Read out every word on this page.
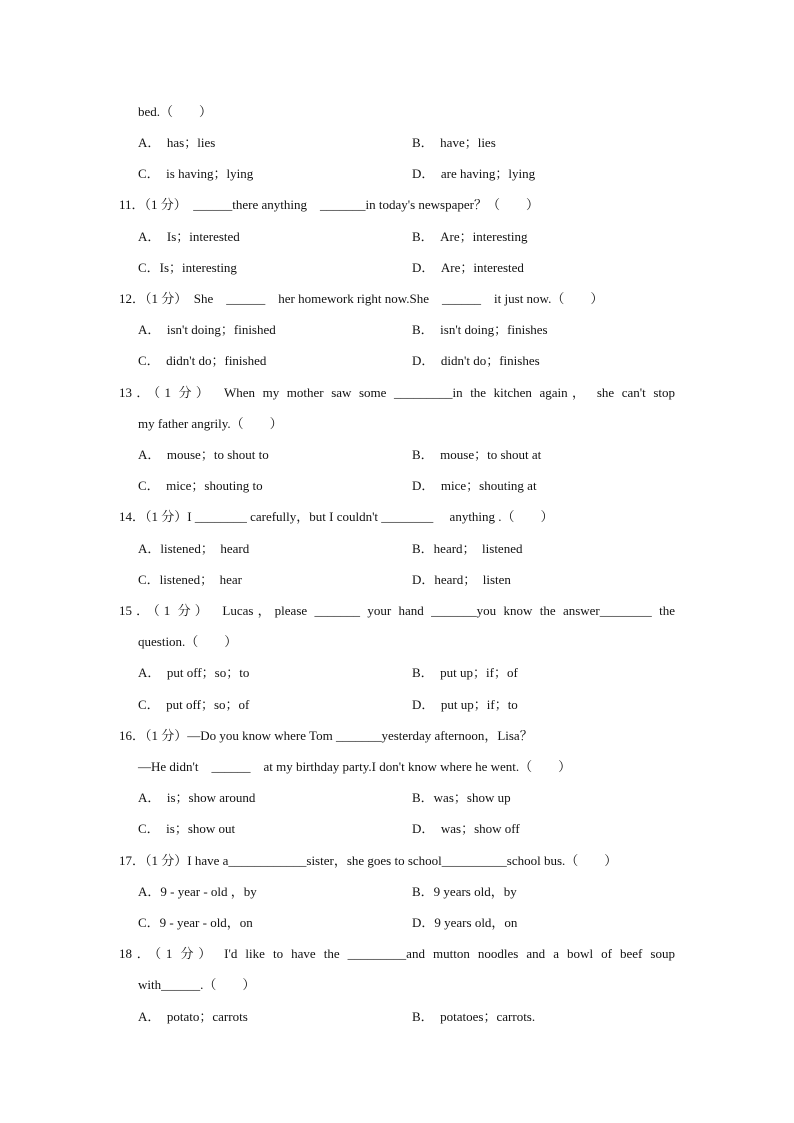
bed.（　　）
A．　has；lies	B．　have；lies
C．　is having；lying	D．　are having；lying
11．（1 分）　______there anything　_______in today's newspaper？（　　）
A．　Is；interested	B．　Are；interesting
C．Is；interesting	D．　Are；interested
12．（1 分）　She　______　her homework right now.She　______　it just now.（　　）
A．　isn't doing；finished	B．　isn't doing；finishes
C．　didn't do；finished	D．　didn't do；finishes
13．（1 分）　When my mother saw some _________in the kitchen again， she can't stop
my father angrily.（　　）
A．　mouse；to shout to	B．　mouse；to shout at
C．　mice；shouting to	D．　mice；shouting at
14．（1 分）I ________ carefully，but I couldn't ________　 anything .（　　）
A．listened；　heard	B．heard；　listened
C．listened；　hear	D．heard；　listen
15．（1 分）　Lucas，please _______ your hand _______you know the answer________ the
question.（　　）
A．　put off；so；to	B．　put up；if；of
C．　put off；so；of	D．　put up；if；to
16．（1 分）—Do you know where Tom _______yesterday afternoon，Lisa？
—He didn't　______　at my birthday party.I don't know where he went.（　　）
A．　is；show around	B．was；show up
C．　is；show out	D．　was；show off
17．（1 分）I have a____________sister，she goes to school__________school bus.（　　）
A．9 - year - old ，by	B．9 years old，by
C．9 - year - old，on	D．9 years old，on
18．（1 分） I'd like to have the _________and mutton noodles and a bowl of beef soup
with______.（　　）
A．　potato；carrots	B．　potatoes；carrots.
